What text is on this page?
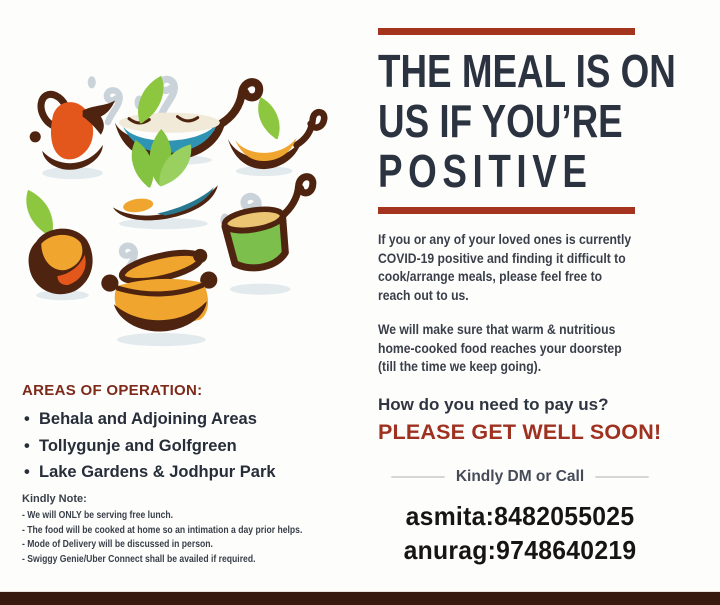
AREAS OF OPERATION:
• Behala and Adjoining Areas
• Tollygunje and Golfgreen
• Lake Gardens & Jodhpur Park
Kindly Note:
- We will ONLY be serving free lunch.
- The food will be cooked at home so an intimation a day prior helps.
- Mode of Delivery will be discussed in person.
- Swiggy Genie/Uber Connect shall be availed if required.
THE MEAL IS ON
US IF YOU’RE
POSITIVE
If you or any of your loved ones is currently
COVID-19 positive and finding it difficult to
cook/arrange meals, please feel free to
reach out to us.
We will make sure that warm & nutritious
home-cooked food reaches your doorstep
(till the time we keep going).
How do you need to pay us?
PLEASE GET WELL SOON!
Kindly DM or Call
asmita:8482055025
anurag:9748640219
